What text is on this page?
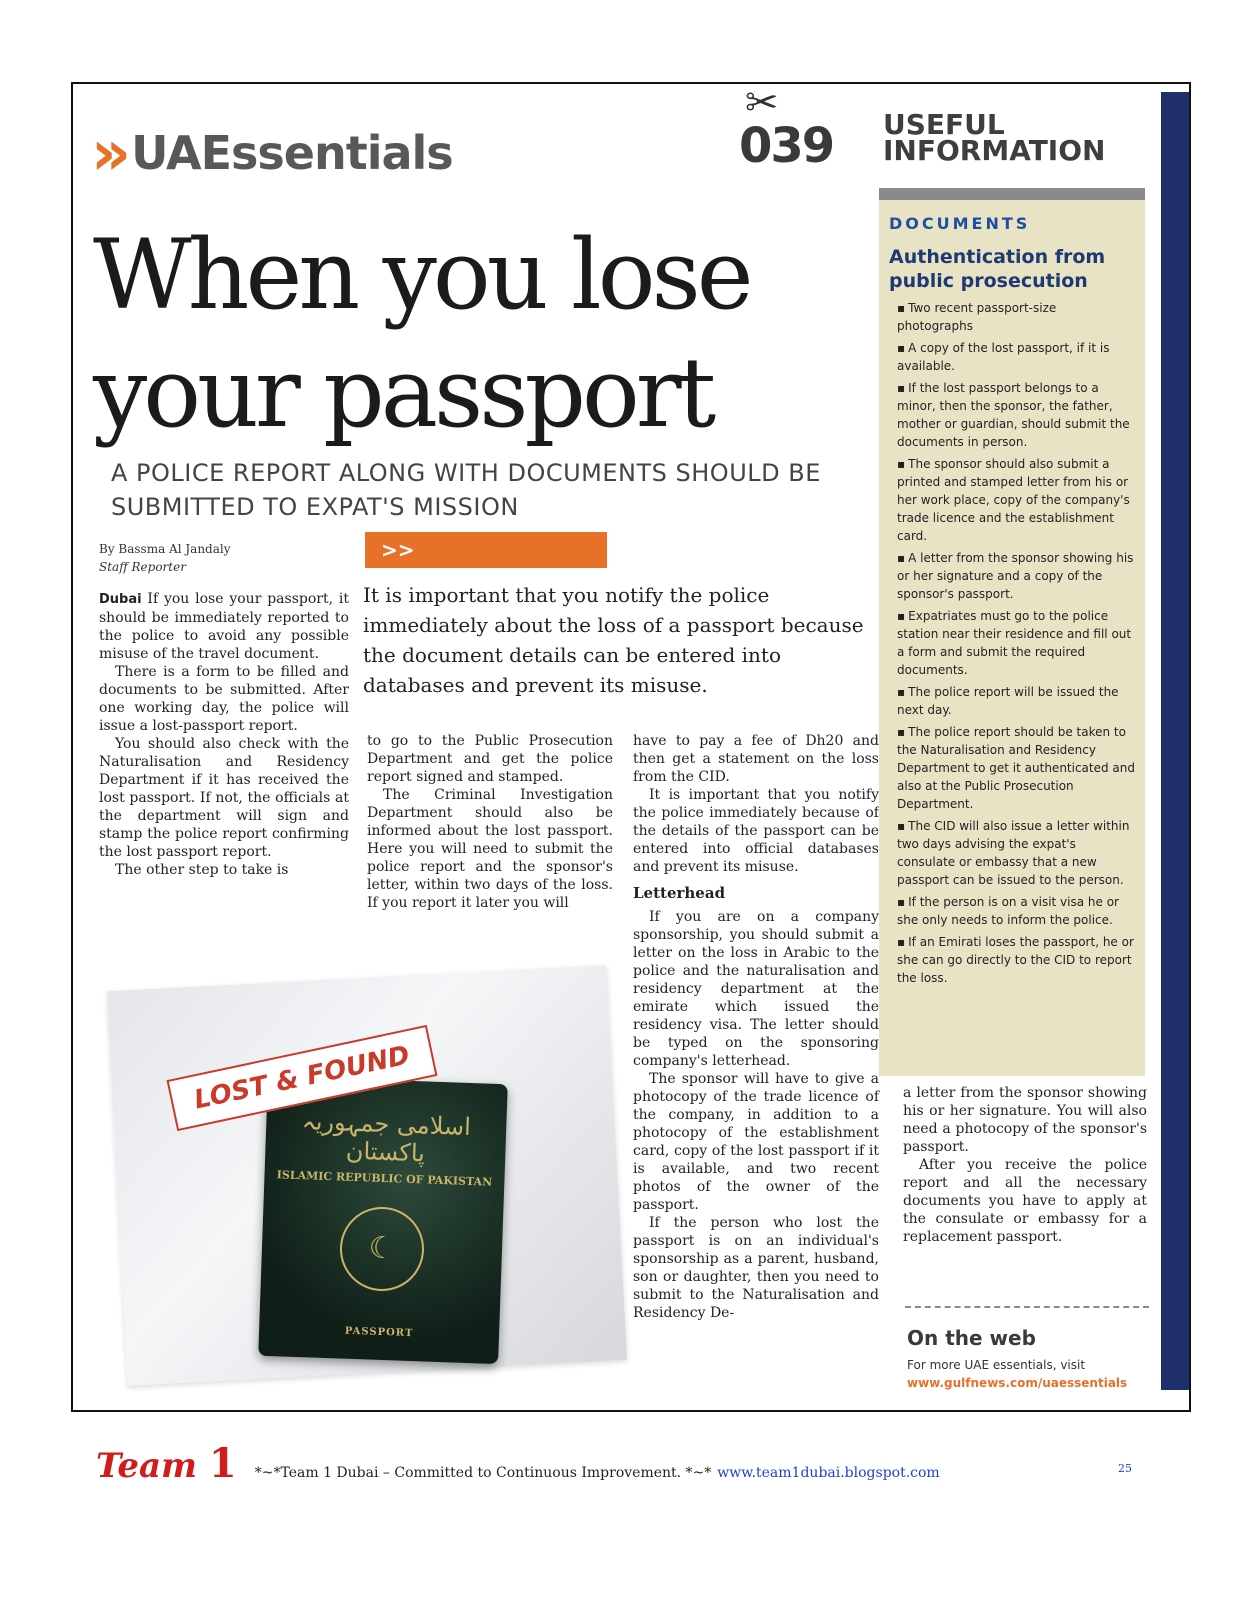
» UAEssentials
✂
039 USEFUL
INFORMATION
When you lose
your passport
A POLICE REPORT ALONG WITH DOCUMENTS SHOULD BE SUBMITTED TO EXPAT'S MISSION
By Bassma Al Jandaly
Staff Reporter
>>
It is important that you notify the police immediately about the loss of a passport because the document details can be entered into databases and prevent its misuse.

Dubai If you lose your passport, it should be immediately reported to the police to avoid any possible misuse of the travel document.

There is a form to be filled and documents to be submitted. After one working day, the police will issue a lost-passport report.

You should also check with the Naturalisation and Residency Department if it has received the lost passport. If not, the officials at the department will sign and stamp the police report confirming the lost passport report.

The other step to take is

to go to the Public Prosecution Department and get the police report signed and stamped.

The Criminal Investigation Department should also be informed about the lost passport. Here you will need to submit the police report and the sponsor's letter, within two days of the loss. If you report it later you will

have to pay a fee of Dh20 and then get a statement on the loss from the CID.

It is important that you notify the police immediately because of the details of the passport can be entered into official databases and prevent its misuse.

Letterhead

If you are on a company sponsorship, you should submit a letter on the loss in Arabic to the police and the naturalisation and residency department at the emirate which issued the residency visa. The letter should be typed on the sponsoring company's letterhead.

The sponsor will have to give a photocopy of the trade licence of the company, in addition to a photocopy of the establishment card, copy of the lost passport if it is available, and two recent photos of the owner of the passport.

If the person who lost the passport is on an individual's sponsorship as a parent, husband, son or daughter, then you need to submit to the Naturalisation and Residency De-

اسلامی جمہوریہ پاکستان
ISLAMIC REPUBLIC OF PAKISTAN
☾
PASSPORT
LOST & FOUND
DOCUMENTS
Authentication from public prosecution
▪ Two recent passport-size photographs
▪ A copy of the lost passport, if it is available.
▪ If the lost passport belongs to a minor, then the sponsor, the father, mother or guardian, should submit the documents in person.
▪ The sponsor should also submit a printed and stamped letter from his or her work place, copy of the company's trade licence and the establishment card.
▪ A letter from the sponsor showing his or her signature and a copy of the sponsor's passport.
▪ Expatriates must go to the police station near their residence and fill out a form and submit the required documents.
▪ The police report will be issued the next day.
▪ The police report should be taken to the Naturalisation and Residency Department to get it authenticated and also at the Public Prosecution Department.
▪ The CID will also issue a letter within two days advising the expat's consulate or embassy that a new passport can be issued to the person.
▪ If the person is on a visit visa he or she only needs to inform the police.
▪ If an Emirati loses the passport, he or she can go directly to the CID to report the loss.

a letter from the sponsor showing his or her signature. You will also need a photocopy of the sponsor's passport.

After you receive the police report and all the necessary documents you have to apply at the consulate or embassy for a replacement passport.

On the web
For more UAE essentials, visit
www.gulfnews.com/uaessentials
Team 1 *~*Team 1 Dubai – Committed to Continuous Improvement. *~* www.team1dubai.blogspot.com	25
